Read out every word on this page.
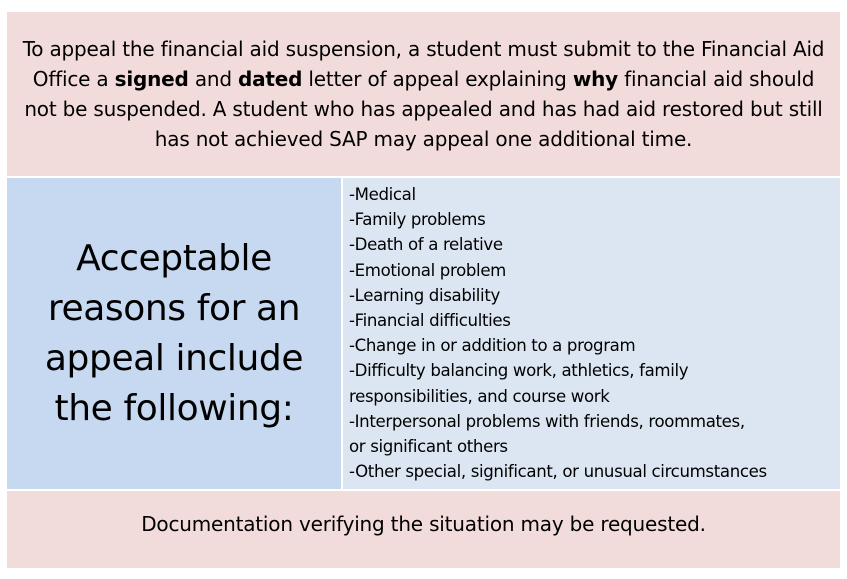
To appeal the financial aid suspension, a student must submit to the Financial Aid Office a signed and dated letter of appeal explaining why financial aid should not be suspended. A student who has appealed and has had aid restored but still has not achieved SAP may appeal one additional time.

Acceptable reasons for an appeal include the following:
-Medical
-Family problems
-Death of a relative
-Emotional problem
-Learning disability
-Financial difficulties
-Change in or addition to a program
-Difficulty balancing work, athletics, family
responsibilities, and course work
-Interpersonal problems with friends, roommates,
or significant others
-Other special, significant, or unusual circumstances

Documentation verifying the situation may be requested.
